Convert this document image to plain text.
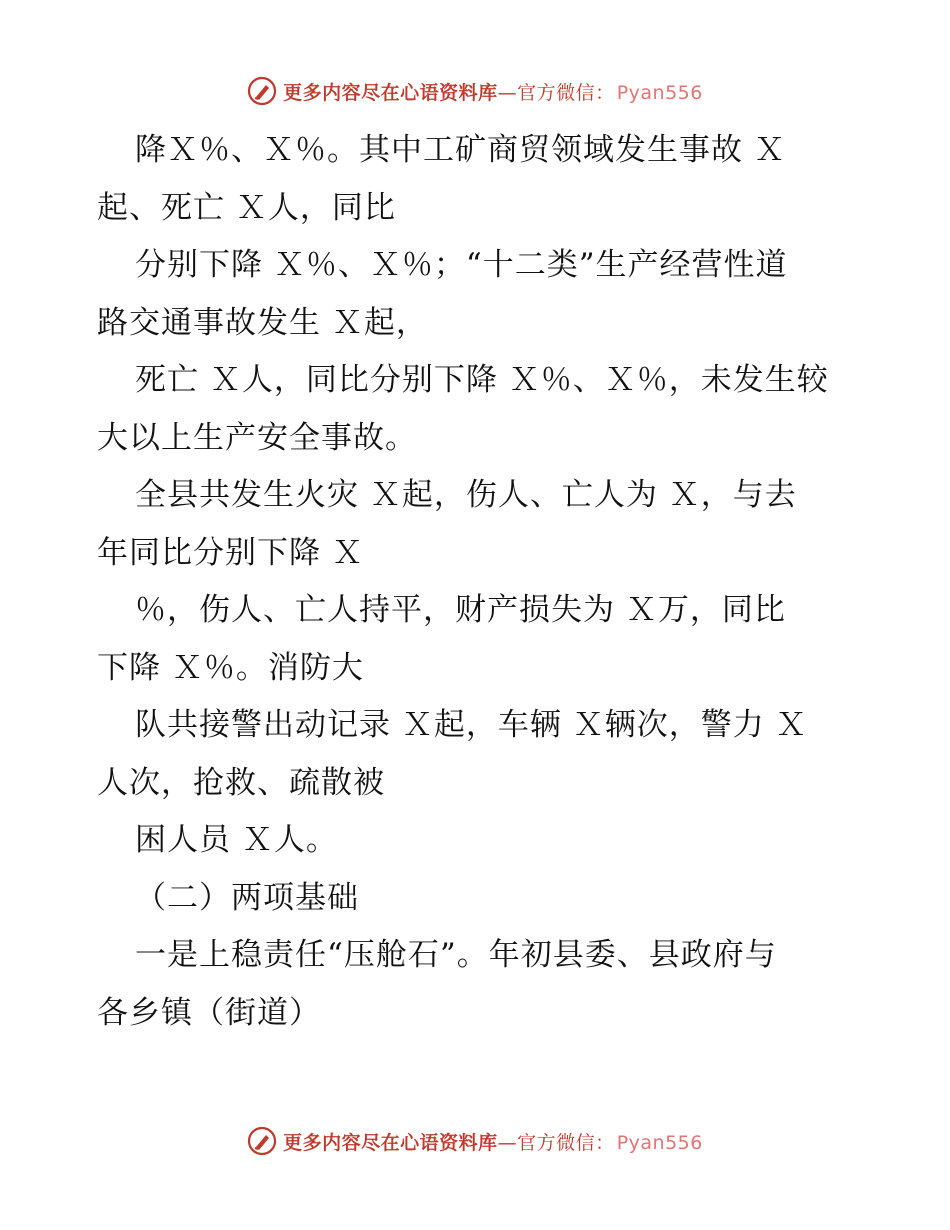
更多内容尽在心语资料库—官方微信： Pyan556
降Ｘ％、Ｘ％。其中工矿商贸领域发生事故 Ｘ
起、死亡 Ｘ人，同比
分别下降 Ｘ％、Ｘ％；“十二类”生产经营性道
路交通事故发生 Ｘ起，
死亡 Ｘ人，同比分别下降 Ｘ％、Ｘ％，未发生较
大以上生产安全事故。
全县共发生火灾 Ｘ起，伤人、亡人为 Ｘ，与去
年同比分别下降 Ｘ
％，伤人、亡人持平，财产损失为 Ｘ万，同比
下降 Ｘ％。消防大
队共接警出动记录 Ｘ起，车辆 Ｘ辆次，警力 Ｘ
人次，抢救、疏散被
困人员 Ｘ人。
（二）两项基础
一是上稳责任“压舱石”。年初县委、县政府与
各乡镇（街道）
更多内容尽在心语资料库—官方微信： Pyan556
